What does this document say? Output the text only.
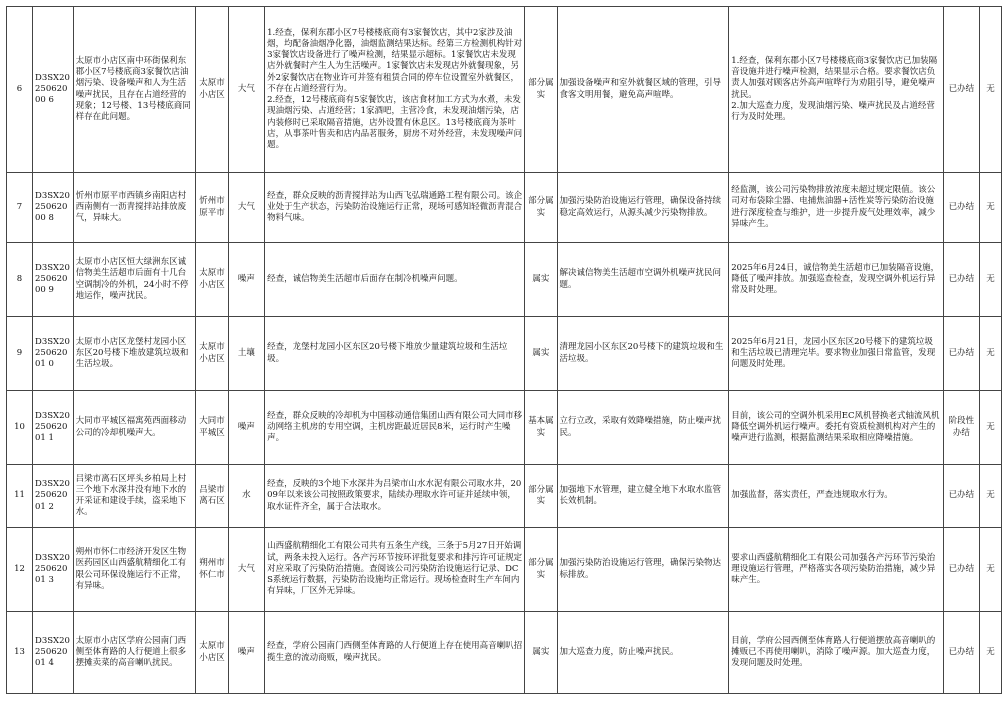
6	D3SX2025062000 6	太原市小店区南中环街保利东郡小区7号楼底商3家餐饮店油烟污染、设备噪声和人为生活噪声扰民，且存在占道经营的现象；12号楼、13号楼底商同样存在此问题。	太原市小店区	大气	1.经查，保利东郡小区7号楼楼底商有3家餐饮店，其中2家涉及油烟，均配备油烟净化器，油烟监测结果达标。经第三方检测机构针对3家餐饮店设备进行了噪声检测，结果显示超标。1家餐饮店未发现店外就餐时产生人为生活噪声。1家餐饮店未发现店外就餐现象，另外2家餐饮店在物业许可并签有租赁合同的停车位设置室外就餐区，不存在占道经营行为。
2.经查，12号楼底商有5家餐饮店，该店食材加工方式为水煮，未发现油烟污染、占道经营；1家酒吧，主营冷食，未发现油烟污染，店内装修时已采取隔音措施，店外设置有休息区。13号楼底商为茶叶店，从事茶叶售卖和店内品茗服务，厨房不对外经营，未发现噪声问题。	部分属实	加强设备噪声和室外就餐区域的管理，引导食客文明用餐，避免高声喧哗。	1.经查，保利东郡小区7号楼楼底商3家餐饮店已加装隔音设施并进行噪声检测，结果显示合格。要求餐饮店负责人加强对顾客店外高声喧哗行为劝阻引导，避免噪声扰民。
2.加大巡查力度，发现油烟污染、噪声扰民及占道经营行为及时处理。	已办结	无

7	D3SX2025062000 8	忻州市原平市西镇乡南阳店村西南侧有一沥青搅拌站排放废气，异味大。	忻州市原平市	大气	经查，群众反映的沥青搅拌站为山西飞弘瑞通路工程有限公司。该企业处于生产状态，污染防治设施运行正常，现场可感知轻微沥青混合物料气味。	部分属实	加强污染防治设施运行管理，确保设备持续稳定高效运行，从源头减少污染物排放。	经监测，该公司污染物排放浓度未超过规定限值。该公司对布袋除尘器、电捕焦油器+活性炭等污染防治设施进行深度检查与维护，进一步提升废气处理效率，减少异味产生。	已办结	无

8	D3SX2025062000 9	太原市小店区恒大绿洲东区诚信物美生活超市后面有十几台空调制冷的外机，24小时不停地运作，噪声扰民。	太原市小店区	噪声	经查，诚信物美生活超市后面存在制冷机噪声问题。	属实	解决诚信物美生活超市空调外机噪声扰民问题。	2025年6月24日，诚信物美生活超市已加装隔音设施，降低了噪声排放。加强巡查检查，发现空调外机运行异常及时处理。	已办结	无

9	D3SX2025062001 0	太原市小店区龙堡村龙园小区东区20号楼下堆放建筑垃圾和生活垃圾。	太原市小店区	土壤	经查，龙堡村龙园小区东区20号楼下堆放少量建筑垃圾和生活垃圾。	属实	清理龙园小区东区20号楼下的建筑垃圾和生活垃圾。	2025年6月21日，龙园小区东区20号楼下的建筑垃圾和生活垃圾已清理完毕。要求物业加强日常监管，发现问题及时处理。	已办结	无

10	D3SX2025062001 1	大同市平城区福寓苑西面移动公司的冷却机噪声大。	大同市平城区	噪声	经查，群众反映的冷却机为中国移动通信集团山西有限公司大同市移动网络主机房的专用空调，主机房距最近居民8米，运行时产生噪声。	基本属实	立行立改，采取有效降噪措施，防止噪声扰民。	目前，该公司的空调外机采用EC风机替换老式轴流风机降低空调外机运行噪声。委托有资质检测机构对产生的噪声进行监测，根据监测结果采取相应降噪措施。	阶段性办结	无

11	D3SX2025062001 2	吕梁市离石区坪头乡柏局上村三个地下水深井没有地下水的开采证和建设手续，盗采地下水。	吕梁市离石区	水	经查，反映的3个地下水深井为吕梁市山水水泥有限公司取水井，2009年以来该公司按照政策要求，陆续办理取水许可证并延续申领，取水证件齐全，属于合法取水。	部分属实	加强地下水管理，建立健全地下水取水监管长效机制。	加强监督，落实责任，严查违规取水行为。	已办结	无

12	D3SX2025062001 3	朔州市怀仁市经济开发区生物医药园区山西盛航精细化工有限公司环保设施运行不正常，有异味。	朔州市怀仁市	大气	山西盛航精细化工有限公司共有五条生产线，三条于5月27日开始调试，两条未投入运行。各产污环节按环评批复要求和排污许可证规定对应采取了污染防治措施。查阅该公司污染防治设施运行记录、DCS系统运行数据，污染防治设施均正常运行。现场检查时生产车间内有异味，厂区外无异味。	部分属实	加强污染防治设施运行管理，确保污染物达标排放。	要求山西盛航精细化工有限公司加强各产污环节污染治理设施运行管理，严格落实各项污染防治措施，减少异味产生。	已办结	无

13	D3SX2025062001 4	太原市小店区学府公园南门西侧至体育路的人行便道上很多摆摊卖菜的高音喇叭扰民。	太原市小店区	噪声	经查，学府公园南门西侧至体育路的人行便道上存在使用高音喇叭招揽生意的流动商贩，噪声扰民。	属实	加大巡查力度，防止噪声扰民。	目前，学府公园西侧至体育路人行便道摆放高音喇叭的摊贩已不再使用喇叭，消除了噪声源。加大巡查力度，发现问题及时处理。	已办结	无
